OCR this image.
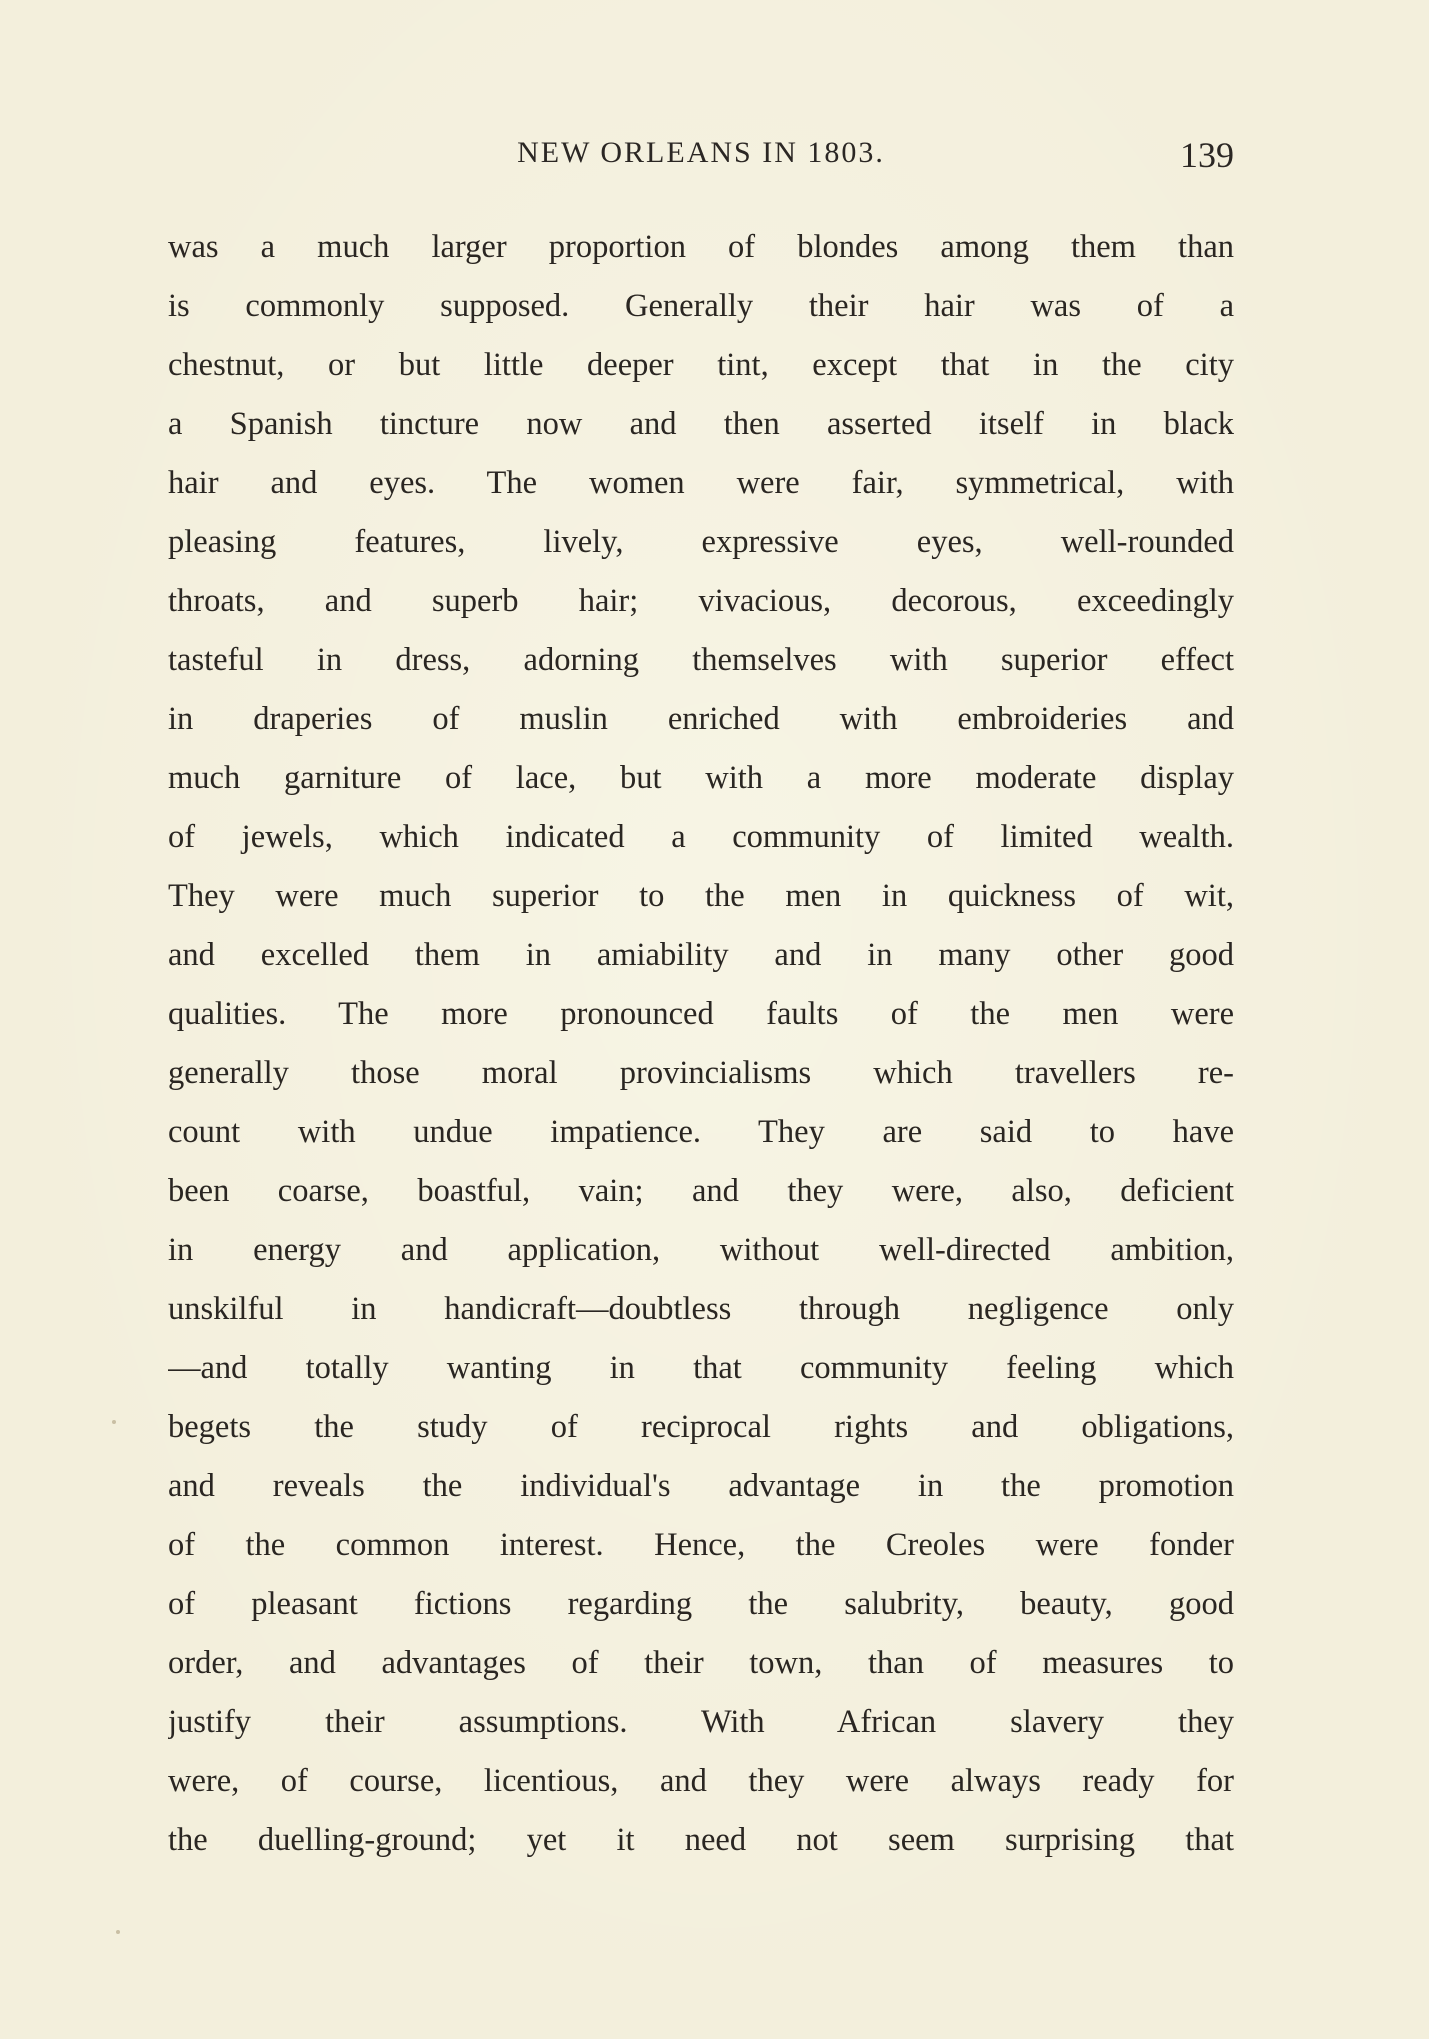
NEW ORLEANS IN 1803.	139
was a much larger proportion of blondes among them than
is commonly supposed. Generally their hair was of a
chestnut, or but little deeper tint, except that in the city
a Spanish tincture now and then asserted itself in black
hair and eyes. The women were fair, symmetrical, with
pleasing features, lively, expressive eyes, well-rounded
throats, and superb hair; vivacious, decorous, exceedingly
tasteful in dress, adorning themselves with superior effect
in draperies of muslin enriched with embroideries and
much garniture of lace, but with a more moderate display
of jewels, which indicated a community of limited wealth.
They were much superior to the men in quickness of wit,
and excelled them in amiability and in many other good
qualities. The more pronounced faults of the men were
generally those moral provincialisms which travellers re-
count with undue impatience. They are said to have
been coarse, boastful, vain; and they were, also, deficient
in energy and application, without well-directed ambition,
unskilful in handicraft—doubtless through negligence only
—and totally wanting in that community feeling which
begets the study of reciprocal rights and obligations,
and reveals the individual's advantage in the promotion
of the common interest. Hence, the Creoles were fonder
of pleasant fictions regarding the salubrity, beauty, good
order, and advantages of their town, than of measures to
justify their assumptions. With African slavery they
were, of course, licentious, and they were always ready for
the duelling-ground; yet it need not seem surprising that
